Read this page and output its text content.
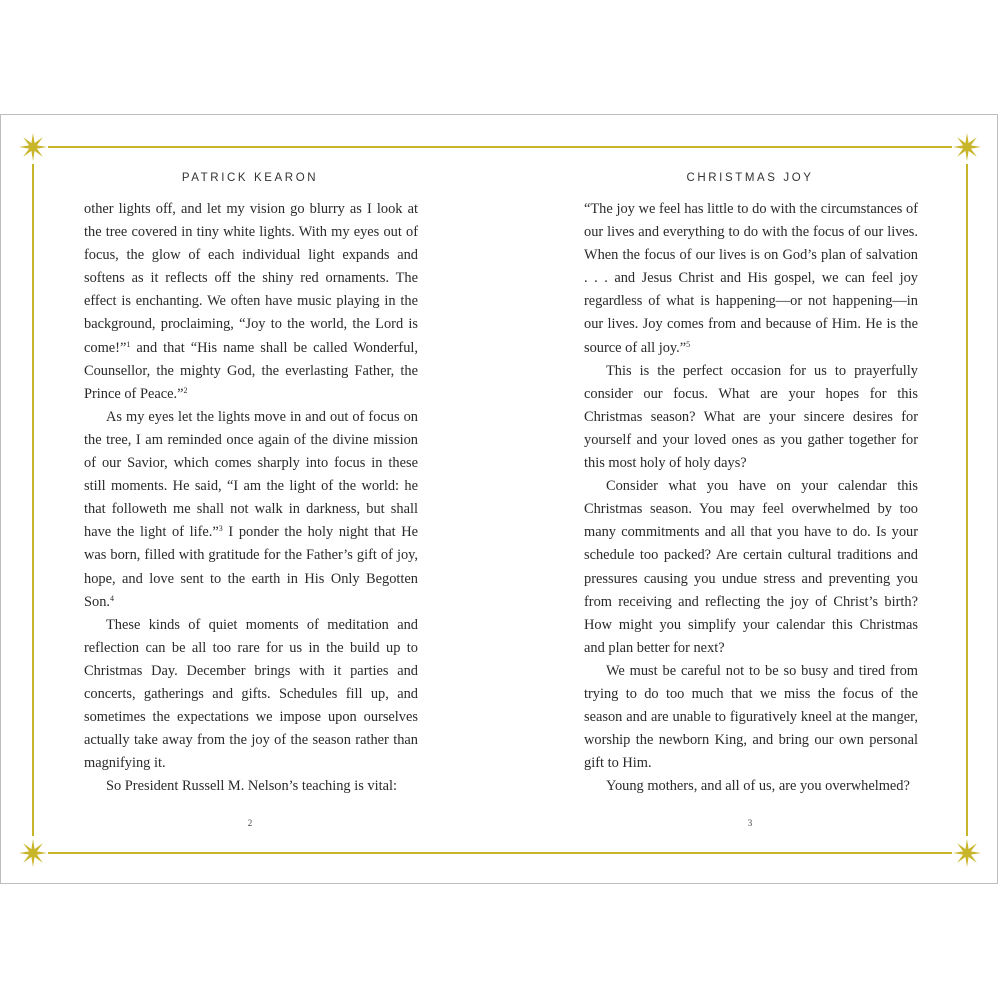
PATRICK KEARON	CHRISTMAS JOY

other lights off, and let my vision go blurry as I look at the tree covered in tiny white lights. With my eyes out of focus, the glow of each individual light expands and softens as it reflects off the shiny red ornaments. The effect is enchanting. We often have music playing in the background, proclaiming, “Joy to the world, the Lord is come!”$^1$ and that “His name shall be called Wonderful, Counsellor, the mighty God, the everlasting Father, the Prince of Peace.”$^2$

As my eyes let the lights move in and out of focus on the tree, I am reminded once again of the divine mission of our Savior, which comes sharply into focus in these still moments. He said, “I am the light of the world: he that followeth me shall not walk in darkness, but shall have the light of life.”$^3$ I ponder the holy night that He was born, filled with gratitude for the Father’s gift of joy, hope, and love sent to the earth in His Only Begotten Son.$^4$

These kinds of quiet moments of meditation and reflection can be all too rare for us in the build up to Christmas Day. December brings with it parties and concerts, gatherings and gifts. Schedules fill up, and sometimes the expectations we impose upon ourselves actually take away from the joy of the season rather than magnifying it.

So President Russell M. Nelson’s teaching is vital:

“The joy we feel has little to do with the circumstances of our lives and everything to do with the focus of our lives. When the focus of our lives is on God’s plan of salvation . . . and Jesus Christ and His gospel, we can feel joy regardless of what is happening—or not happening—in our lives. Joy comes from and because of Him. He is the source of all joy.”$^5$

This is the perfect occasion for us to prayerfully consider our focus. What are your hopes for this Christmas season? What are your sincere desires for yourself and your loved ones as you gather together for this most holy of holy days?

Consider what you have on your calendar this Christmas season. You may feel overwhelmed by too many commitments and all that you have to do. Is your schedule too packed? Are certain cultural traditions and pressures causing you undue stress and preventing you from receiving and reflecting the joy of Christ’s birth? How might you simplify your calendar this Christmas and plan better for next?

We must be careful not to be so busy and tired from trying to do too much that we miss the focus of the season and are unable to figuratively kneel at the manger, worship the newborn King, and bring our own personal gift to Him.

Young mothers, and all of us, are you overwhelmed?

2	3
